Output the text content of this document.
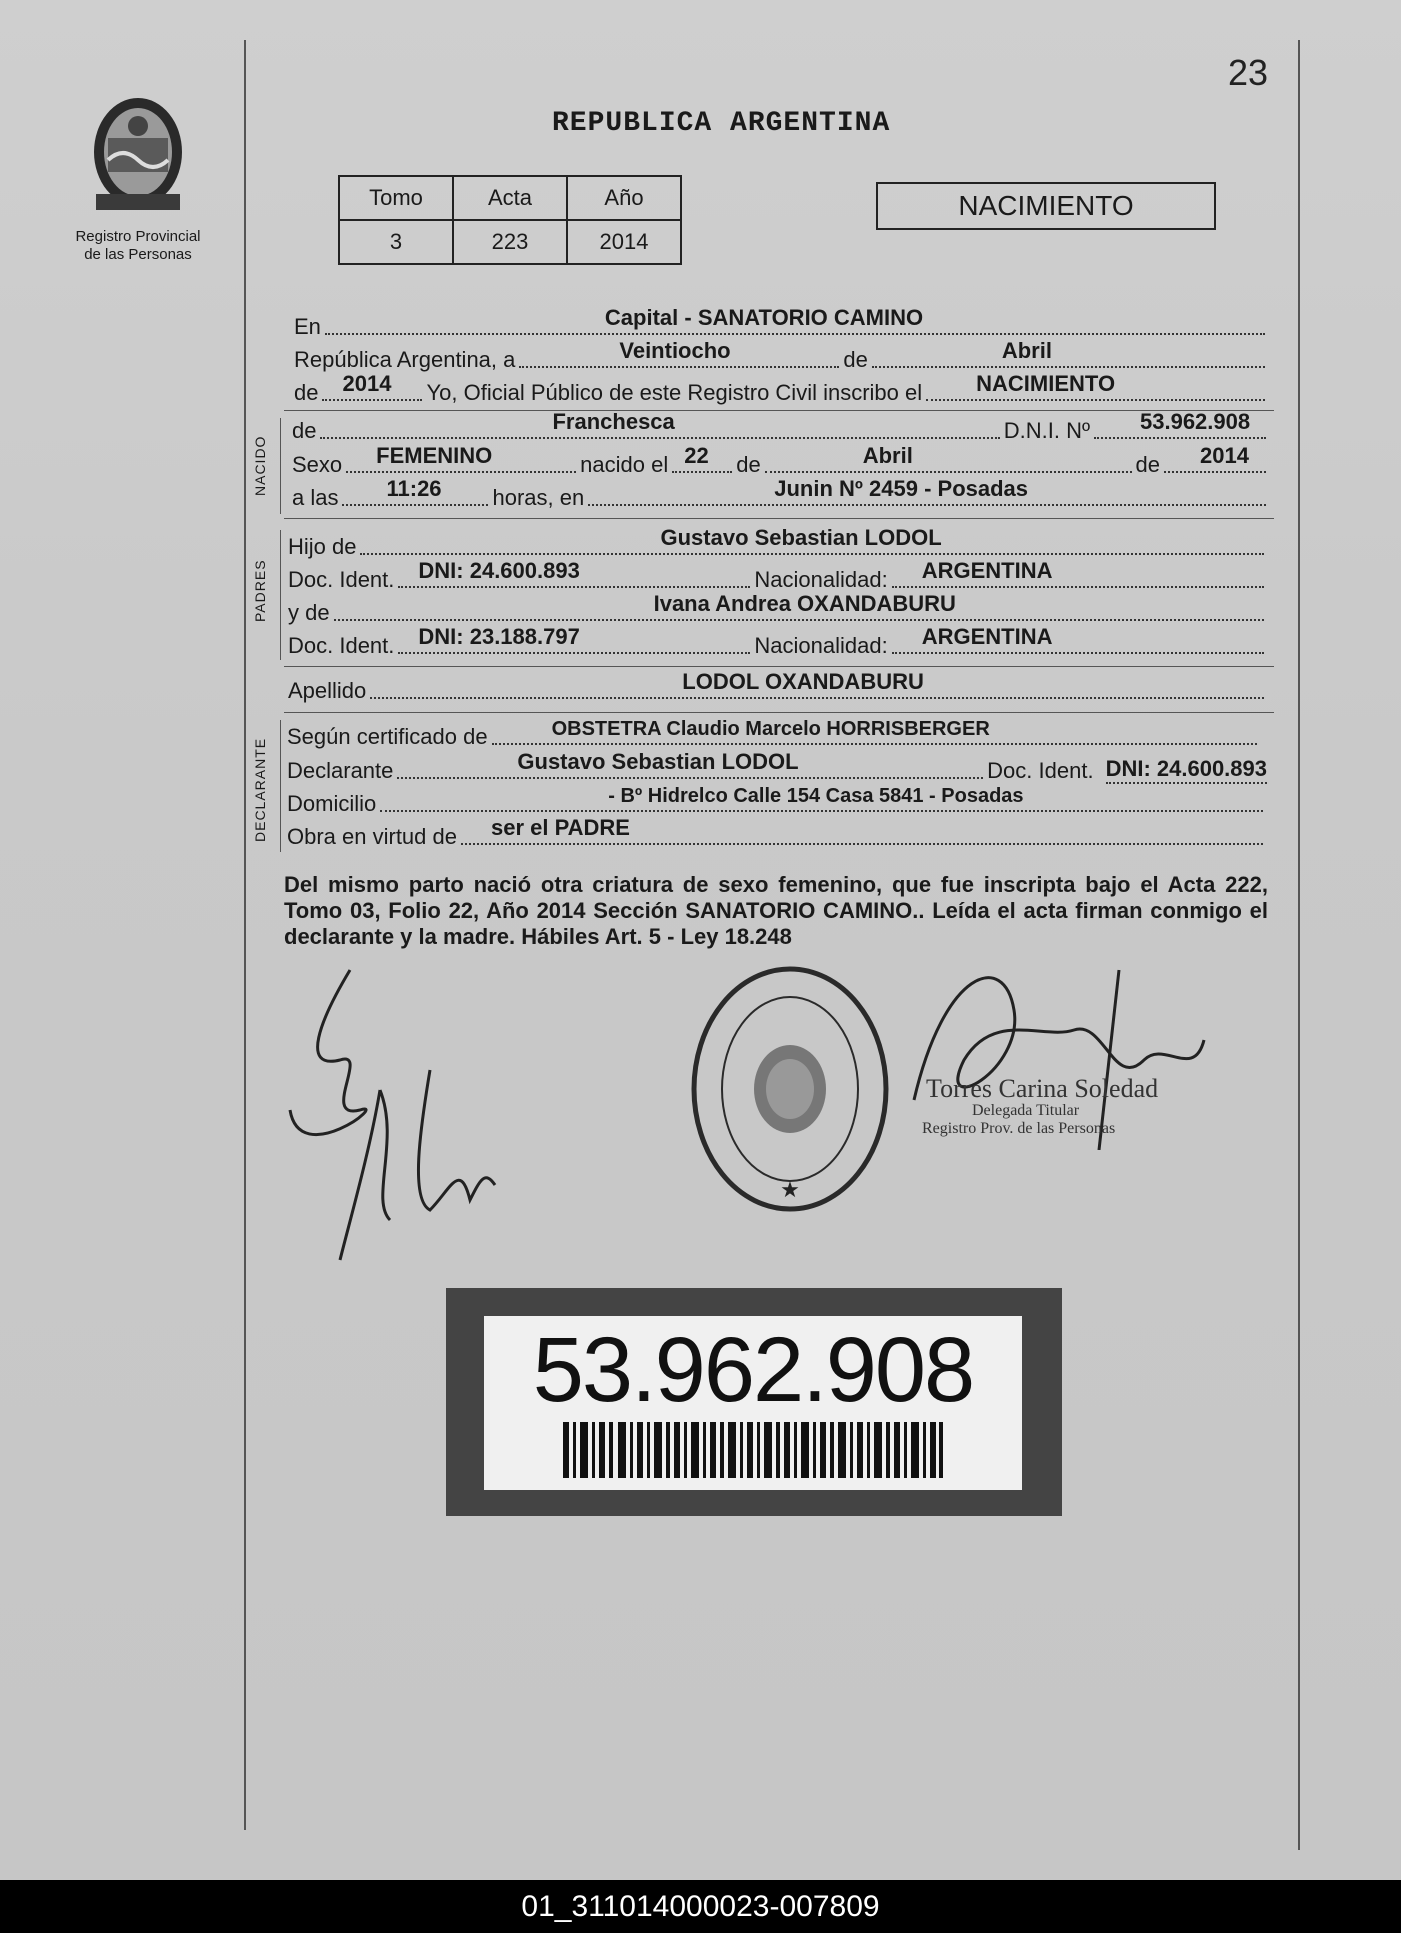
23
Registro Provincial
de las Personas
REPUBLICA ARGENTINA
Tomo	Acta	Año
3	223	2014
NACIMIENTO
En	Capital - SANATORIO CAMINO
República Argentina, a	Veintiocho	de	Abril
de 2014 Yo, Oficial Público de este Registro Civil inscribo el NACIMIENTO
NACIDO
de	Franchesca	D.N.I. Nº 53.962.908
Sexo FEMENINO	nacido el 22 de	Abril	de 2014
a las 11:26 horas, en	Junin Nº 2459 - Posadas
PADRES
Hijo de	Gustavo Sebastian LODOL
Doc. Ident. DNI: 24.600.893	Nacionalidad: ARGENTINA
y de	Ivana Andrea OXANDABURU
Doc. Ident. DNI: 23.188.797	Nacionalidad: ARGENTINA
Apellido	LODOL OXANDABURU
DECLARANTE
Según certificado de	OBSTETRA Claudio Marcelo HORRISBERGER
Declarante	Gustavo Sebastian LODOL	Doc. Ident. DNI: 24.600.893
Domicilio	- Bº Hidrelco Calle 154 Casa 5841 - Posadas
Obra en virtud de ser el PADRE
Del mismo parto nació otra criatura de sexo femenino, que fue inscripta bajo el Acta 222, Tomo 03, Folio 22, Año 2014 Sección SANATORIO CAMINO.. Leída el acta firman conmigo el declarante y la madre. Hábiles Art. 5 - Ley 18.248
★
Torres Carina Soledad
Delegada Titular
Registro Prov. de las Personas
53.962.908
01_311014000023-007809
